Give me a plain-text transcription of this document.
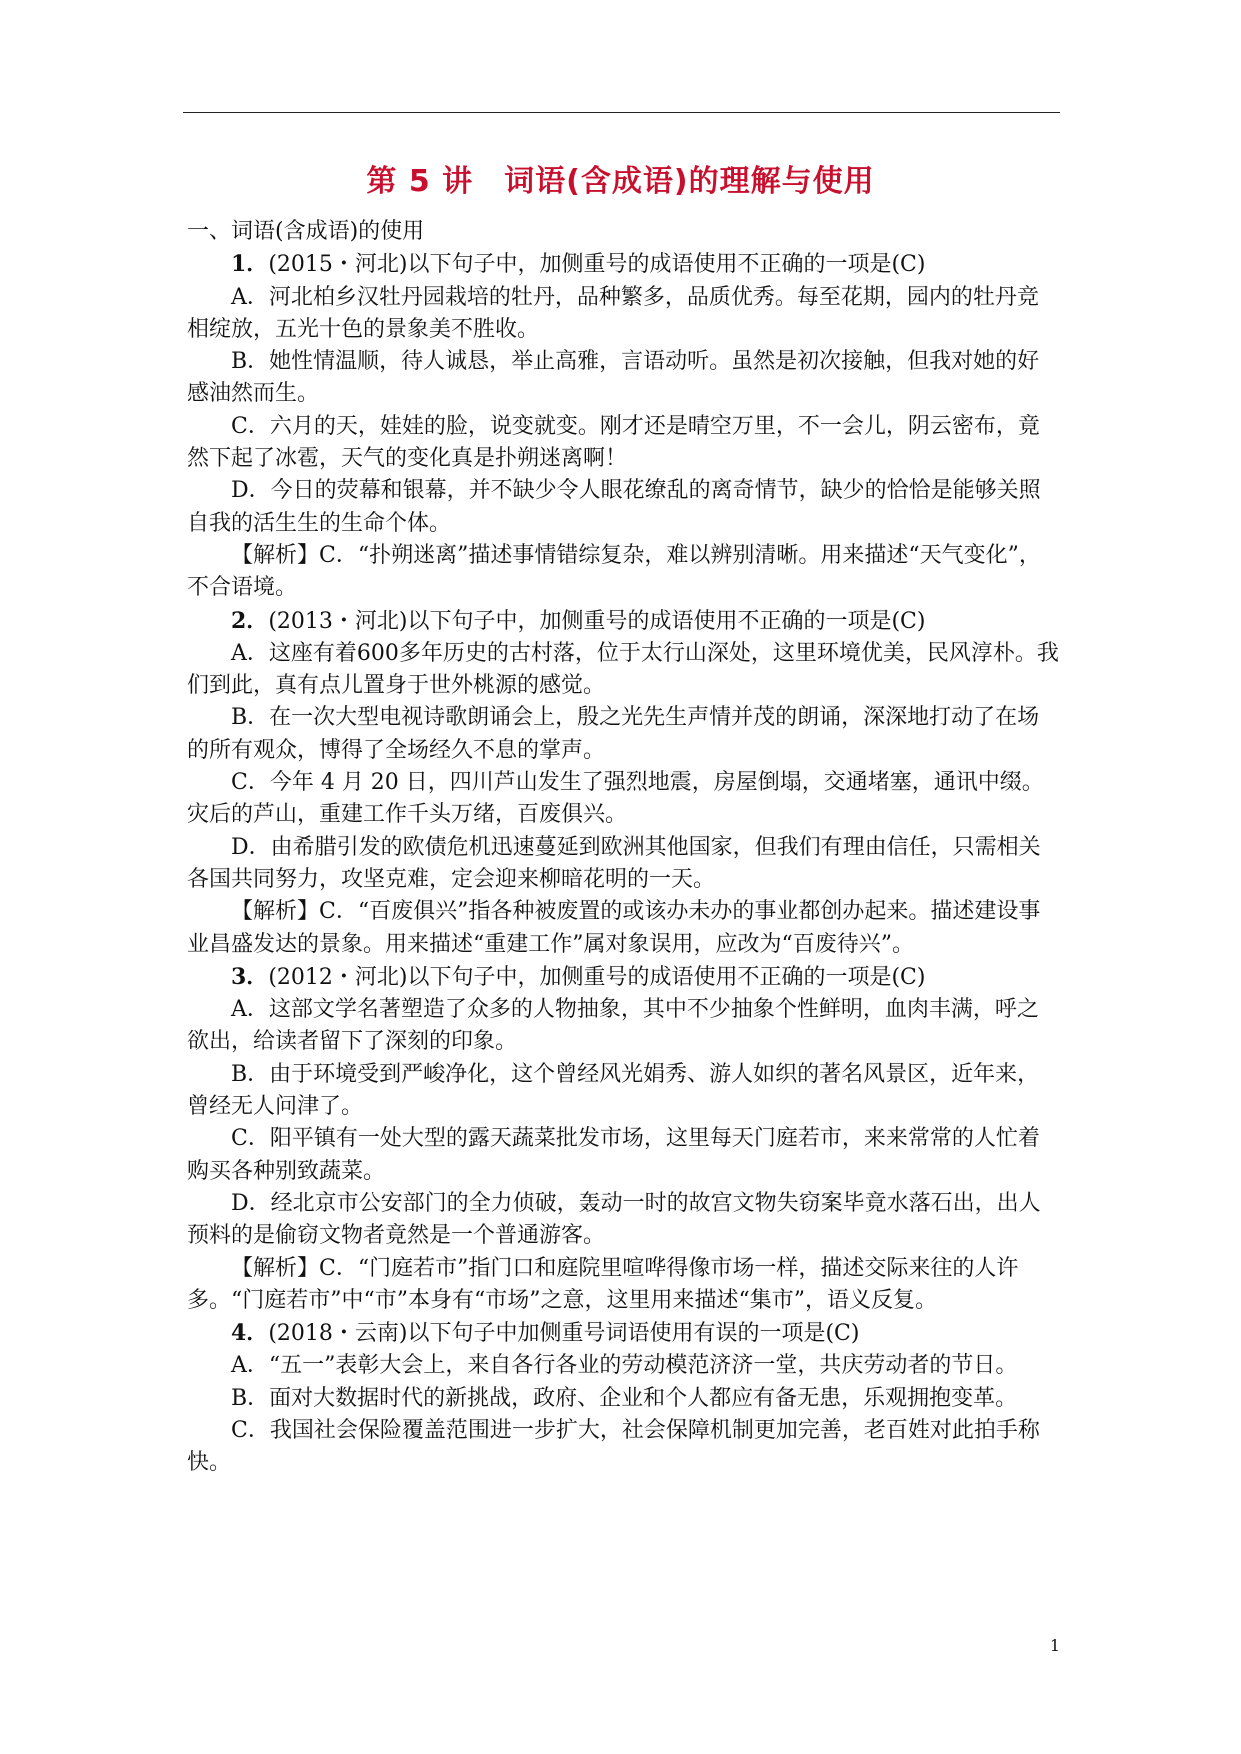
第 5 讲　词语(含成语)的理解与使用

一、词语(含成语)的使用

1．(2015・河北)以下句子中，加侧重号的成语使用不正确的一项是(C)

A．河北柏乡汉牡丹园栽培的牡丹，品种繁多，品质优秀。每至花期，园内的牡丹竞相绽放，五光十色的景象美不胜收。

B．她性情温顺，待人诚恳，举止高雅，言语动听。虽然是初次接触，但我对她的好感油然而生。

C．六月的天，娃娃的脸，说变就变。刚才还是晴空万里，不一会儿，阴云密布，竟然下起了冰雹，天气的变化真是扑朔迷离啊！

D．今日的荧幕和银幕，并不缺少令人眼花缭乱的离奇情节，缺少的恰恰是能够关照自我的活生生的生命个体。

【解析】C．“扑朔迷离”描述事情错综复杂，难以辨别清晰。用来描述“天气变化”，不合语境。

2．(2013・河北)以下句子中，加侧重号的成语使用不正确的一项是(C)

A．这座有着600多年历史的古村落，位于太行山深处，这里环境优美，民风淳朴。我们到此，真有点儿置身于世外桃源的感觉。

B．在一次大型电视诗歌朗诵会上，殷之光先生声情并茂的朗诵，深深地打动了在场的所有观众，博得了全场经久不息的掌声。

C．今年 4 月 20 日，四川芦山发生了强烈地震，房屋倒塌，交通堵塞，通讯中缀。灾后的芦山，重建工作千头万绪，百废俱兴。

D．由希腊引发的欧债危机迅速蔓延到欧洲其他国家，但我们有理由信任，只需相关各国共同努力，攻坚克难，定会迎来柳暗花明的一天。

【解析】C．“百废俱兴”指各种被废置的或该办未办的事业都创办起来。描述建设事业昌盛发达的景象。用来描述“重建工作”属对象误用，应改为“百废待兴”。

3．(2012・河北)以下句子中，加侧重号的成语使用不正确的一项是(C)

A．这部文学名著塑造了众多的人物抽象，其中不少抽象个性鲜明，血肉丰满，呼之欲出，给读者留下了深刻的印象。

B．由于环境受到严峻净化，这个曾经风光娟秀、游人如织的著名风景区，近年来，曾经无人问津了。

C．阳平镇有一处大型的露天蔬菜批发市场，这里每天门庭若市，来来常常的人忙着购买各种别致蔬菜。

D．经北京市公安部门的全力侦破，轰动一时的故宫文物失窃案毕竟水落石出，出人预料的是偷窃文物者竟然是一个普通游客。

【解析】C．“门庭若市”指门口和庭院里喧哗得像市场一样，描述交际来往的人许多。“门庭若市”中“市”本身有“市场”之意，这里用来描述“集市”，语义反复。

4．(2018・云南)以下句子中加侧重号词语使用有误的一项是(C)

A．“五一”表彰大会上，来自各行各业的劳动模范济济一堂，共庆劳动者的节日。

B．面对大数据时代的新挑战，政府、企业和个人都应有备无患，乐观拥抱变革。

C．我国社会保险覆盖范围进一步扩大，社会保障机制更加完善，老百姓对此拍手称快。

1
